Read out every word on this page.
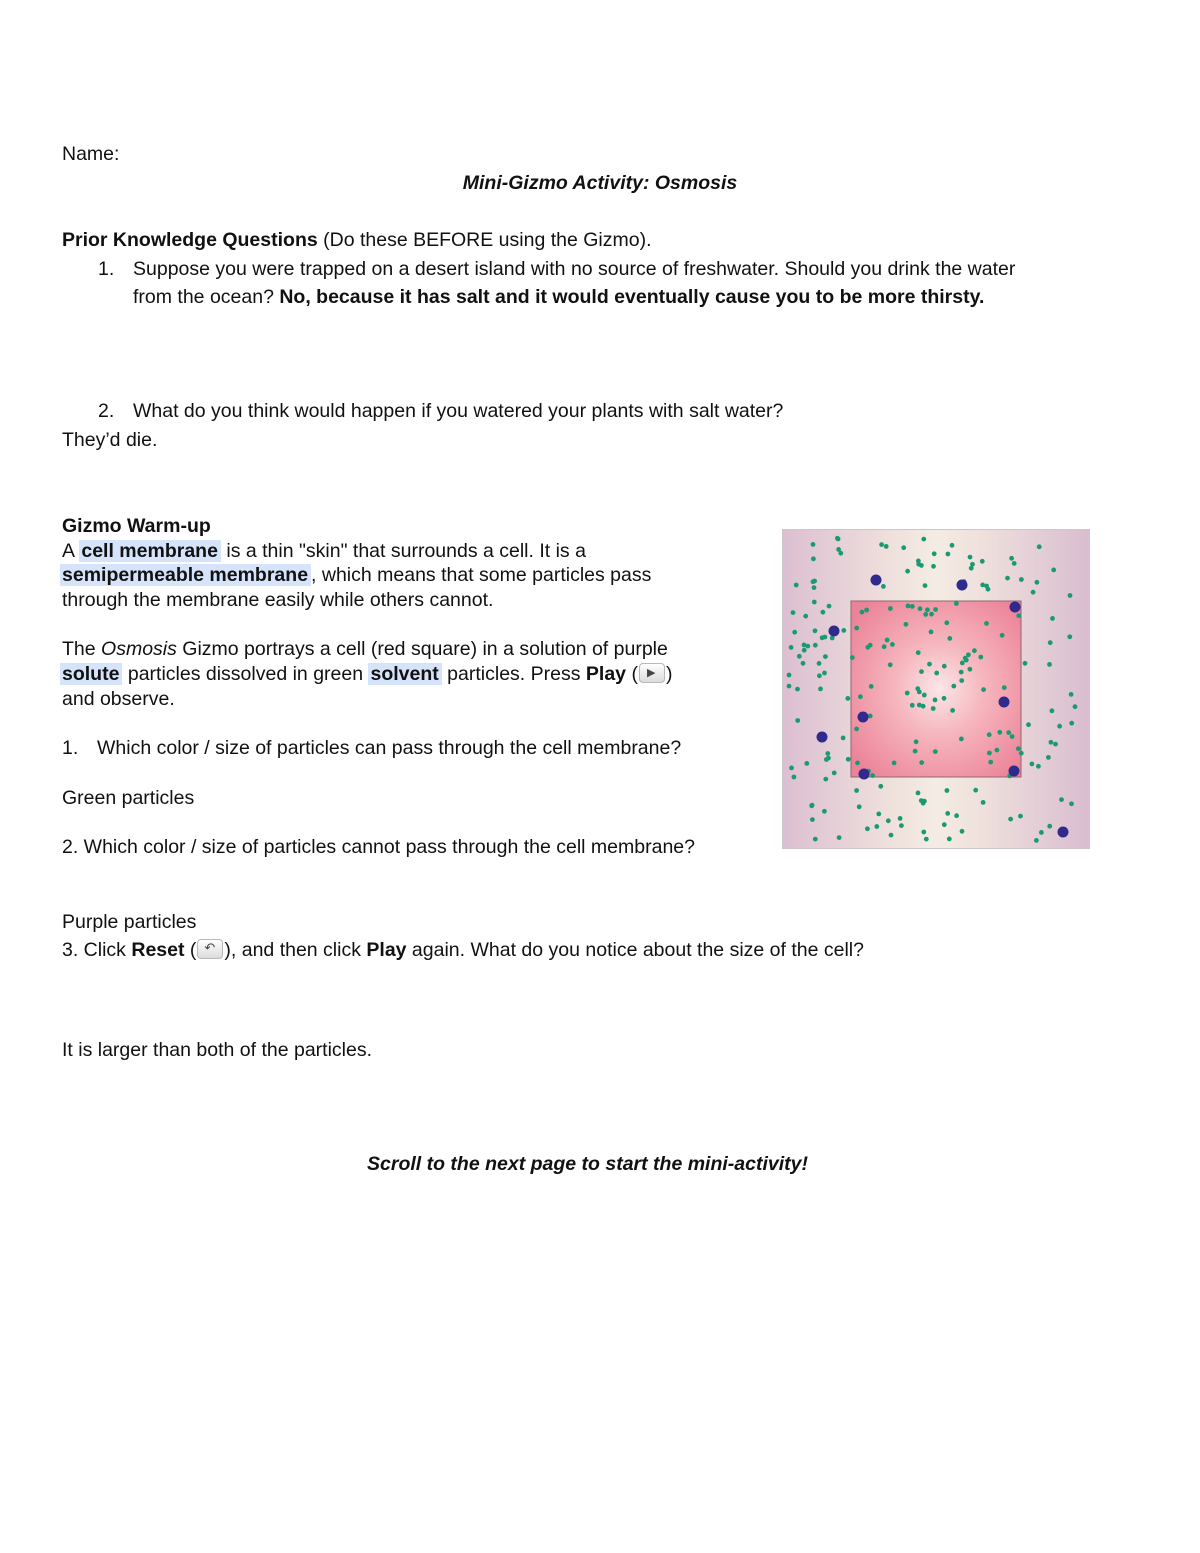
Name:
Mini-Gizmo Activity: Osmosis
Prior Knowledge Questions (Do these BEFORE using the Gizmo).
1. Suppose you were trapped on a desert island with no source of freshwater. Should you drink the water
from the ocean? No, because it has salt and it would eventually cause you to be more thirsty.
2. What do you think would happen if you watered your plants with salt water?
They’d die.
Gizmo Warm-up
A cell membrane is a thin "skin" that surrounds a cell. It is a
semipermeable membrane , which means that some particles pass
through the membrane easily while others cannot.
The Osmosis Gizmo portrays a cell (red square) in a solution of purple
solute particles dissolved in green solvent particles. Press Play ( ▶ )
and observe.
1. Which color / size of particles can pass through the cell membrane?
Green particles
2. Which color / size of particles cannot pass through the cell membrane?
Purple particles
3. Click Reset ( ↶ ), and then click Play again. What do you notice about the size of the cell?
It is larger than both of the particles.
Scroll to the next page to start the mini-activity!
